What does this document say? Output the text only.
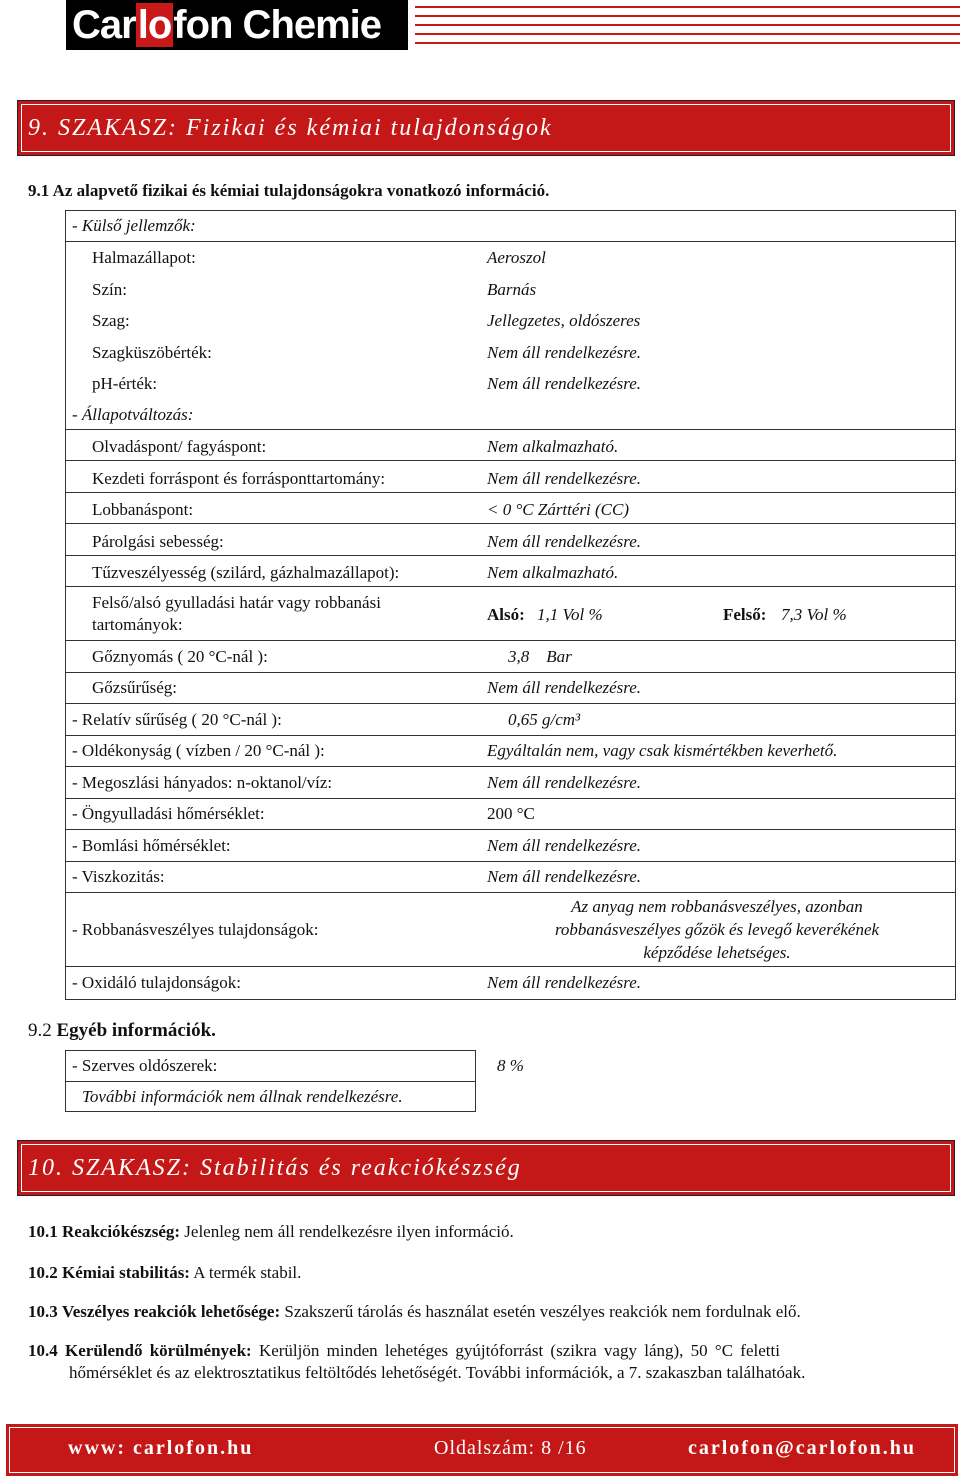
Carlofon Chemie
9. SZAKASZ: Fizikai és kémiai tulajdonságok
9.1 Az alapvető fizikai és kémiai tulajdonságokra vonatkozó információ.
- Külső jellemzők:
Halmazállapot:	Aeroszol
Szín:	Barnás
Szag:	Jellegzetes, oldószeres
Szagküszöbérték:	Nem áll rendelkezésre.
pH-érték:	Nem áll rendelkezésre.
- Állapotváltozás:
Olvadáspont/ fagyáspont:	Nem alkalmazható.
Kezdeti forráspont és forrásponttartomány:	Nem áll rendelkezésre.
Lobbanáspont:	< 0 °C Zárttéri (CC)
Párolgási sebesség:	Nem áll rendelkezésre.
Tűzveszélyesség (szilárd, gázhalmazállapot):	Nem alkalmazható.
Felső/alsó gyulladási határ vagy robbanási
tartományok:
Alsó: 1,1 Vol %	Felső: 7,3 Vol %
Gőznyomás ( 20 °C-nál ):	3,8    Bar
Gőzsűrűség:	Nem áll rendelkezésre.
- Relatív sűrűség ( 20 °C-nál ):	0,65 g/cm³
- Oldékonyság ( vízben / 20 °C-nál ):	Egyáltalán nem, vagy csak kismértékben keverhető.
- Megoszlási hányados: n-oktanol/víz:	Nem áll rendelkezésre.
- Öngyulladási hőmérséklet:	200 °C
- Bomlási hőmérséklet:	Nem áll rendelkezésre.
- Viszkozitás:	Nem áll rendelkezésre.
- Robbanásveszélyes tulajdonságok:
Az anyag nem robbanásveszélyes, azonban
robbanásveszélyes gőzök és levegő keverékének
képződése lehetséges.
- Oxidáló tulajdonságok:	Nem áll rendelkezésre.
9.2 Egyéb információk.
- Szerves oldószerek:	8 %
További információk nem állnak rendelkezésre.
10. SZAKASZ: Stabilitás és reakciókészség
10.1 Reakciókészség: Jelenleg nem áll rendelkezésre ilyen információ.
10.2 Kémiai stabilitás: A termék stabil.
10.3 Veszélyes reakciók lehetősége: Szakszerű tárolás és használat esetén veszélyes reakciók nem fordulnak elő.
10.4 Kerülendő körülmények: Kerüljön minden lehetéges gyújtóforrást (szikra vagy láng), 50 °C feletti
hőmérséklet és az elektrosztatikus feltöltődés lehetőségét. További információk, a 7. szakaszban találhatóak.
www: carlofon.hu	Oldalszám: 8 /16	carlofon@carlofon.hu
